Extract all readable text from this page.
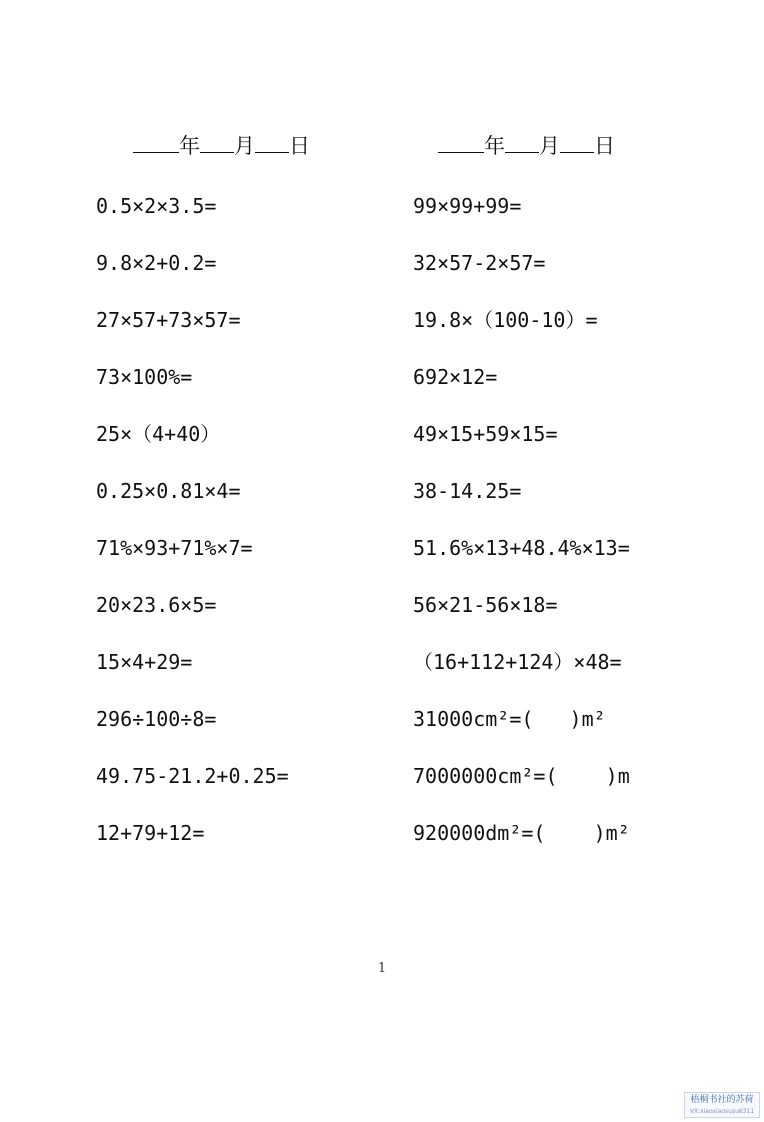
年 月 日	年 月 日
0.5×2×3.5=
9.8×2+0.2=
27×57+73×57=
73×100%=
25×（4+40）
0.25×0.81×4=
71%×93+71%×7=
20×23.6×5=
15×4+29=
296÷100÷8=
49.75-21.2+0.25=
12+79+12=
99×99+99=
32×57-2×57=
19.8×（100-10）=
692×12=
49×15+59×15=
38-14.25=
51.6%×13+48.4%×13=
56×21-56×18=
（16+112+124）×48=
31000cm²=(   )m²
7000000cm²=(    )m
920000dm²=(    )m²
1
梧桐书社的苏荷
VX:xiaoxiaosusu6311
